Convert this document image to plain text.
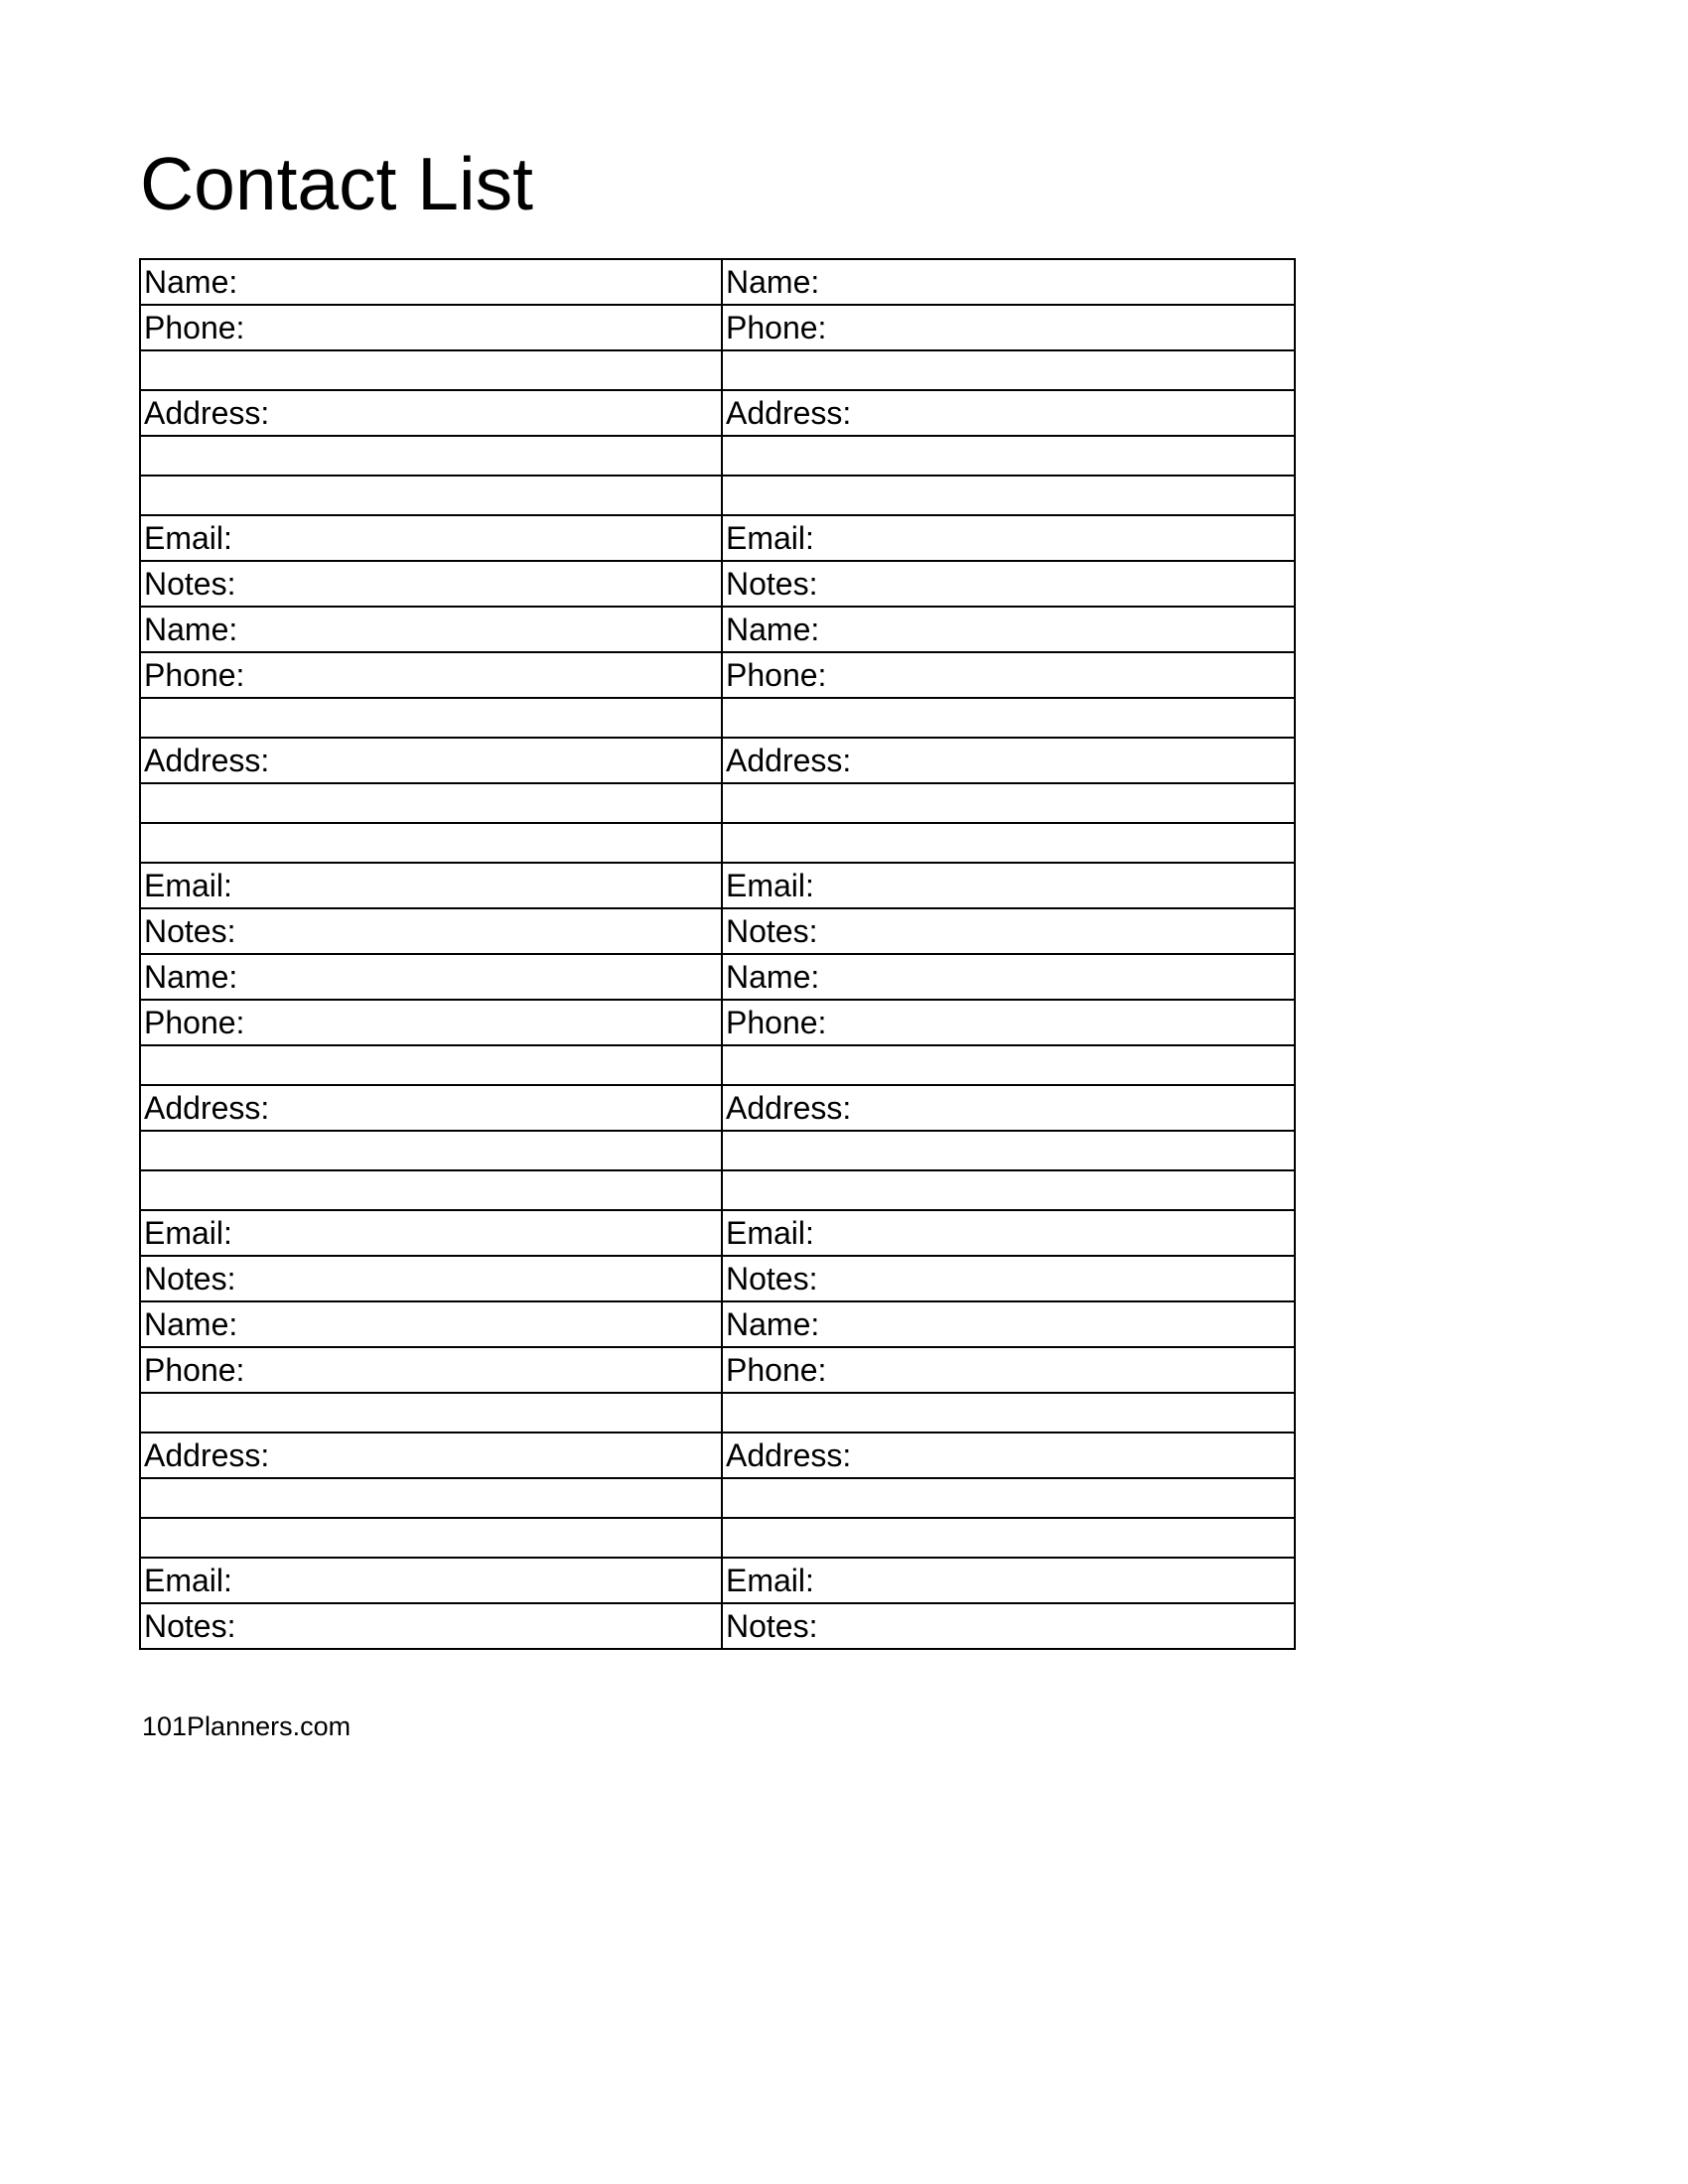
Contact List
Name:	Name:
Phone:	Phone:

Address:	Address:

Email:	Email:
Notes:	Notes:
Name:	Name:
Phone:	Phone:

Address:	Address:

Email:	Email:
Notes:	Notes:
Name:	Name:
Phone:	Phone:

Address:	Address:

Email:	Email:
Notes:	Notes:
Name:	Name:
Phone:	Phone:

Address:	Address:

Email:	Email:
Notes:	Notes:
101Planners.com
